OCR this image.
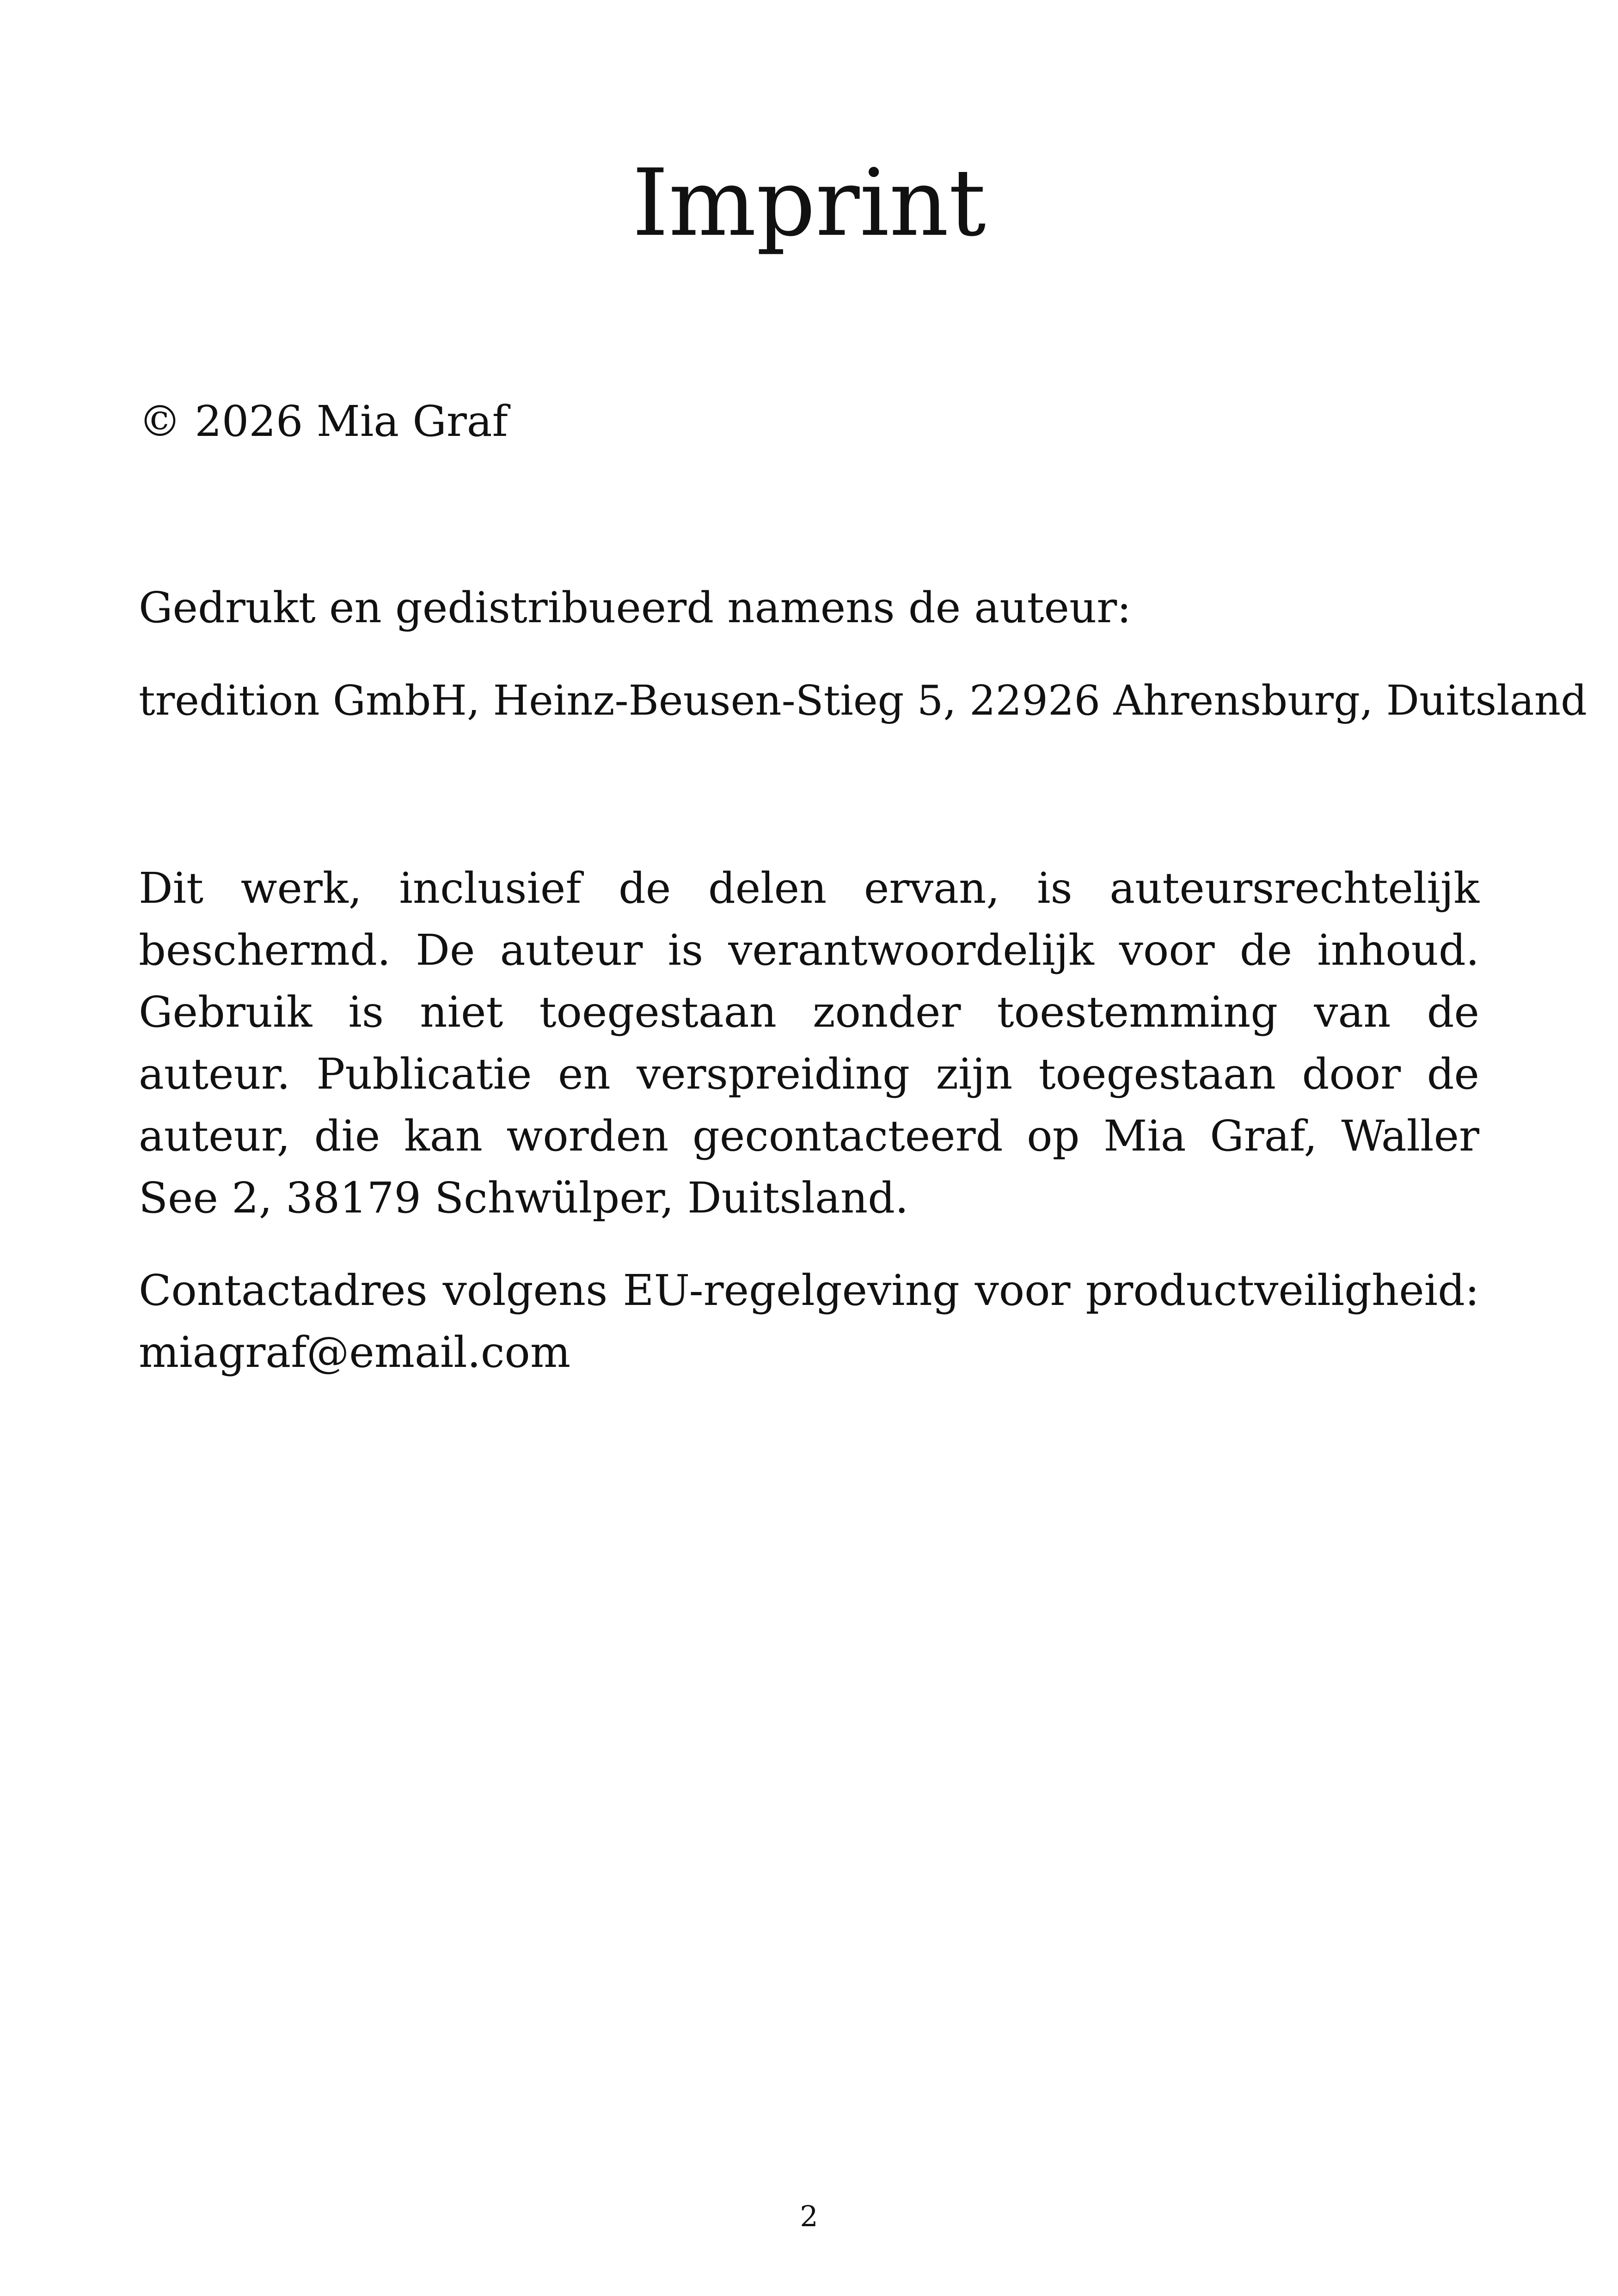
Imprint

© 2026 Mia Graf

Gedrukt en gedistribueerd namens de auteur:

tredition GmbH, Heinz-Beusen-Stieg 5, 22926 Ahrensburg, Duitsland

Dit werk, inclusief de delen ervan, is auteursrechtelijk beschermd. De auteur is verantwoordelijk voor de inhoud. Gebruik is niet toegestaan zonder toestemming van de auteur. Publicatie en verspreiding zijn toegestaan door de auteur, die kan worden gecontacteerd op Mia Graf, Waller See 2, 38179 Schwülper, Duitsland.

Contactadres volgens EU-regelgeving voor productveiligheid: miagraf@email.com

2
